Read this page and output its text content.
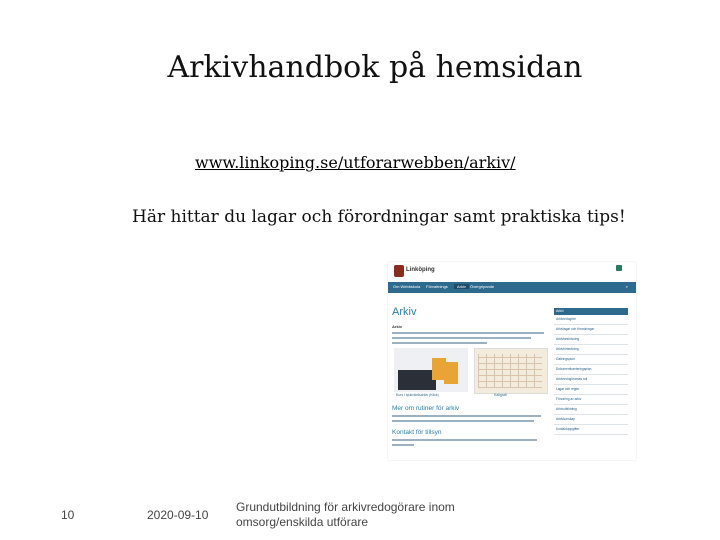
Arkivhandbok på hemsidan
www.linkoping.se/utforarwebben/arkiv/
Här hittar du lagar och förordningar samt praktiska tips!
Linköping
Om Webbskola Förvaltnings	Arkiv	Övergripande	⌕
Arkiv
Arkiv
Kurs i sjukvårdsarkiv (Klick)	Kaligrafi
Mer om rutiner för arkiv
Kontakt för tillsyn
Arkiv
Arkivredogöre
Arkivlagar och förordningar
Arkivbeskrivning
Arkivförteckning
Gallringsplan
Dokumenthanteringsplan
Arkivredogörarnas roll
Lagar och regler
Förvaring av arkiv
Arkivutbildning
Arkivkunskap
Kontaktuppgifter
10	2020-09-10
Grundutbildning för arkivredogörare inom omsorg/enskilda utförare
